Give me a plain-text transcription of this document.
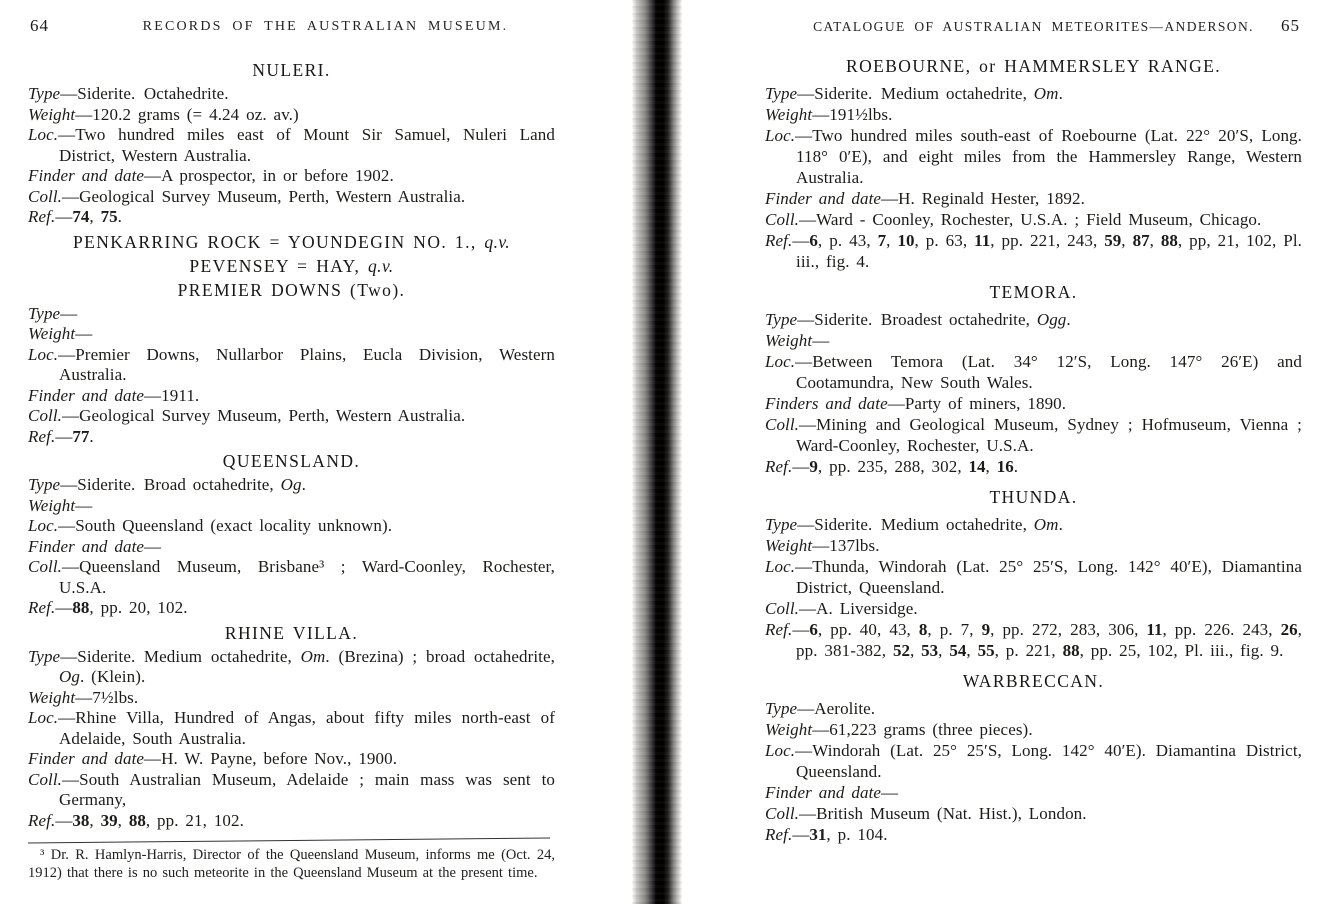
64	RECORDS OF THE AUSTRALIAN MUSEUM.
NULERI.

Type—Siderite. Octahedrite.

Weight—120.2 grams (= 4.24 oz. av.)

Loc.—Two hundred miles east of Mount Sir Samuel, Nuleri Land District, Western Australia.

Finder and date—A prospector, in or before 1902.

Coll.—Geological Survey Museum, Perth, Western Australia.

Ref.—74, 75.

PENKARRING ROCK = YOUNDEGIN NO. 1., q.v.
PEVENSEY = HAY, q.v.
PREMIER DOWNS (Two).

Type—

Weight—

Loc.—Premier Downs, Nullarbor Plains, Eucla Division, Western Australia.

Finder and date—1911.

Coll.—Geological Survey Museum, Perth, Western Australia.

Ref.—77.

QUEENSLAND.

Type—Siderite. Broad octahedrite, Og.

Weight—

Loc.—South Queensland (exact locality unknown).

Finder and date—

Coll.—Queensland Museum, Brisbane³ ; Ward-Coonley, Rochester, U.S.A.

Ref.—88, pp. 20, 102.

RHINE VILLA.

Type—Siderite. Medium octahedrite, Om. (Brezina) ; broad octahedrite, Og. (Klein).

Weight—7½lbs.

Loc.—Rhine Villa, Hundred of Angas, about fifty miles north-east of Adelaide, South Australia.

Finder and date—H. W. Payne, before Nov., 1900.

Coll.—South Australian Museum, Adelaide ; main mass was sent to Germany,

Ref.—38, 39, 88, pp. 21, 102.

³ Dr. R. Hamlyn-Harris, Director of the Queensland Museum, informs me (Oct. 24, 1912) that there is no such meteorite in the Queensland Museum at the present time.

CATALOGUE OF AUSTRALIAN METEORITES—ANDERSON.	65
ROEBOURNE, or HAMMERSLEY RANGE.

Type—Siderite. Medium octahedrite, Om.

Weight—191½lbs.

Loc.—Two hundred miles south-east of Roebourne (Lat. 22° 20′S, Long. 118° 0′E), and eight miles from the Hammersley Range, Western Australia.

Finder and date—H. Reginald Hester, 1892.

Coll.—Ward - Coonley, Rochester, U.S.A. ; Field Museum, Chicago.

Ref.—6, p. 43, 7, 10, p. 63, 11, pp. 221, 243, 59, 87, 88, pp, 21, 102, Pl. iii., fig. 4.

TEMORA.

Type—Siderite. Broadest octahedrite, Ogg.

Weight—

Loc.—Between Temora (Lat. 34° 12′S, Long. 147° 26′E) and Cootamundra, New South Wales.

Finders and date—Party of miners, 1890.

Coll.—Mining and Geological Museum, Sydney ; Hofmuseum, Vienna ; Ward-Coonley, Rochester, U.S.A.

Ref.—9, pp. 235, 288, 302, 14, 16.

THUNDA.

Type—Siderite. Medium octahedrite, Om.

Weight—137lbs.

Loc.—Thunda, Windorah (Lat. 25° 25′S, Long. 142° 40′E), Diamantina District, Queensland.

Coll.—A. Liversidge.

Ref.—6, pp. 40, 43, 8, p. 7, 9, pp. 272, 283, 306, 11, pp. 226. 243, 26, pp. 381-382, 52, 53, 54, 55, p. 221, 88, pp. 25, 102, Pl. iii., fig. 9.

WARBRECCAN.

Type—Aerolite.

Weight—61,223 grams (three pieces).

Loc.—Windorah (Lat. 25° 25′S, Long. 142° 40′E). Diamantina District, Queensland.

Finder and date—

Coll.—British Museum (Nat. Hist.), London.

Ref.—31, p. 104.
